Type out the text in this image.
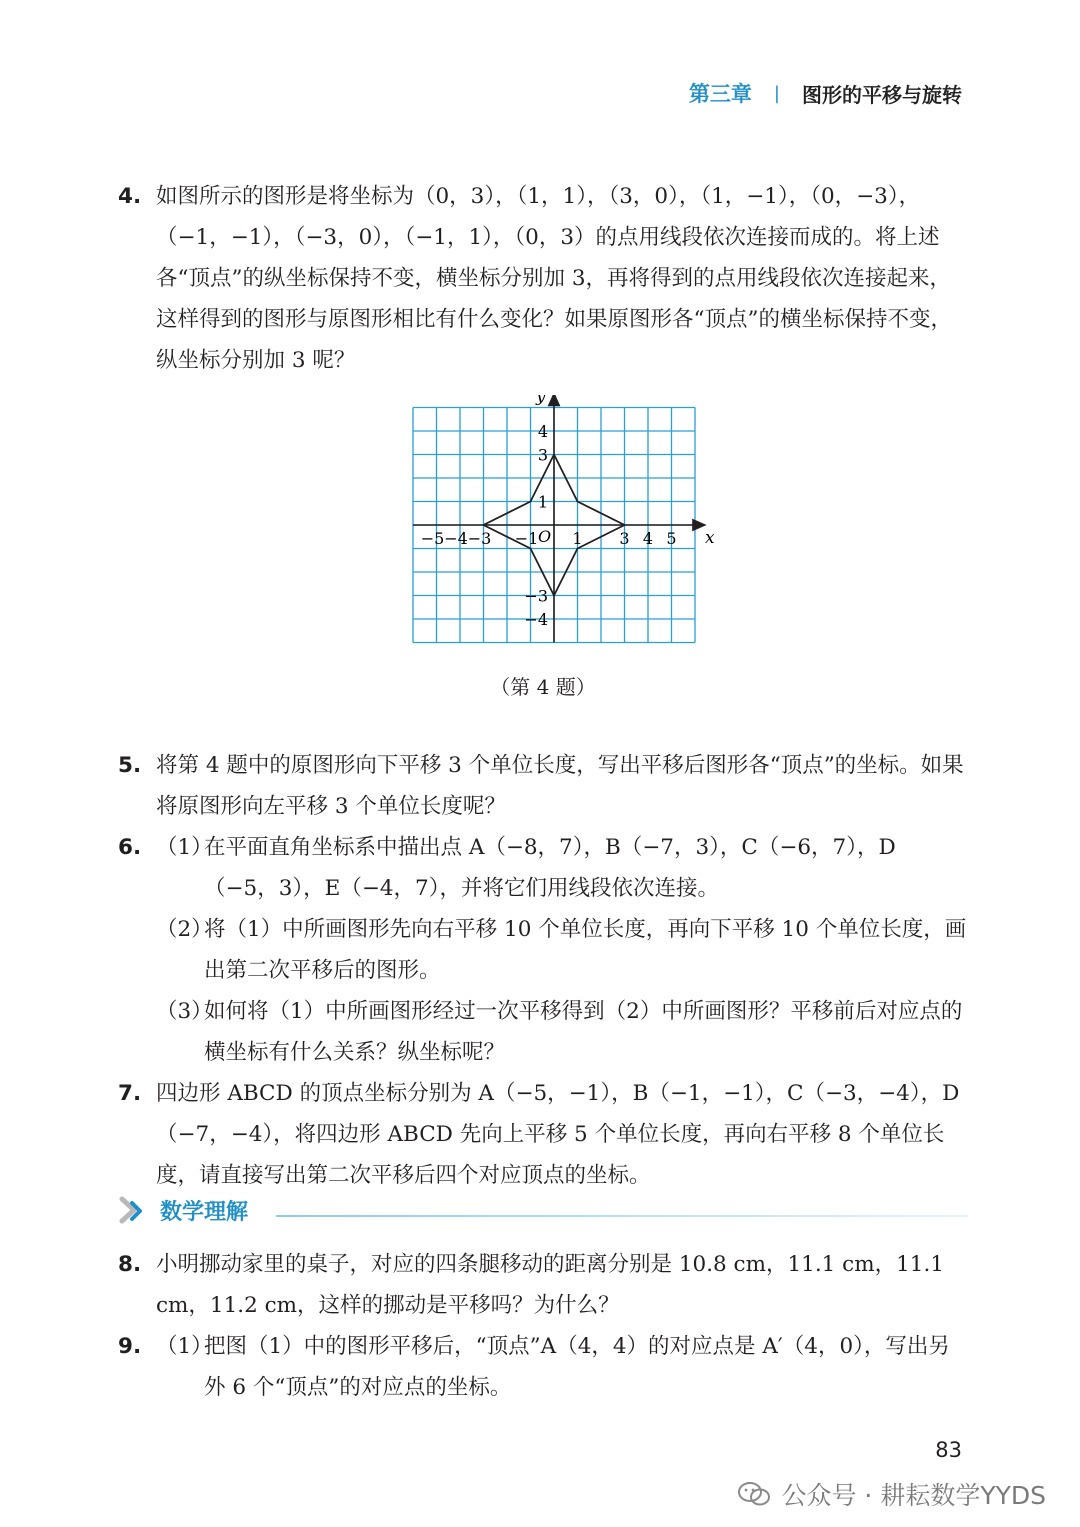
第三章 | 图形的平移与旋转
4. 如图所示的图形是将坐标为（0，3），（1，1），（3，0），（1，−1），（0，−3），（−1，−1），（−3，0），（−1，1），（0，3）的点用线段依次连接而成的。将上述各“顶点”的纵坐标保持不变，横坐标分别加 3，再将得到的点用线段依次连接起来，这样得到的图形与原图形相比有什么变化？如果原图形各“顶点”的横坐标保持不变，纵坐标分别加 3 呢？
−5 −4 −3 −1 1 3 4 5
4
3
1
−3
−4
x
y
O
（第 4 题）
5. 将第 4 题中的原图形向下平移 3 个单位长度，写出平移后图形各“顶点”的坐标。如果将原图形向左平移 3 个单位长度呢？
6. （1）
在平面直角坐标系中描出点 A（−8，7），B（−7，3），C（−6，7），D（−5，3），E（−4，7），并将它们用线段依次连接。
（2）
将（1）中所画图形先向右平移 10 个单位长度，再向下平移 10 个单位长度，画出第二次平移后的图形。
（3）
如何将（1）中所画图形经过一次平移得到（2）中所画图形？平移前后对应点的横坐标有什么关系？纵坐标呢？
7. 四边形 ABCD 的顶点坐标分别为 A（−5，−1），B（−1，−1），C（−3，−4），D（−7，−4），将四边形 ABCD 先向上平移 5 个单位长度，再向右平移 8 个单位长度，请直接写出第二次平移后四个对应顶点的坐标。
数学理解
8. 小明挪动家里的桌子，对应的四条腿移动的距离分别是 10.8 cm，11.1 cm，11.1 cm，11.2 cm，这样的挪动是平移吗？为什么？
9. （1）
把图（1）中的图形平移后，“顶点”A（4，4）的对应点是 A′（4，0），写出另外 6 个“顶点”的对应点的坐标。
83
公众号 · 耕耘数学YYDS
